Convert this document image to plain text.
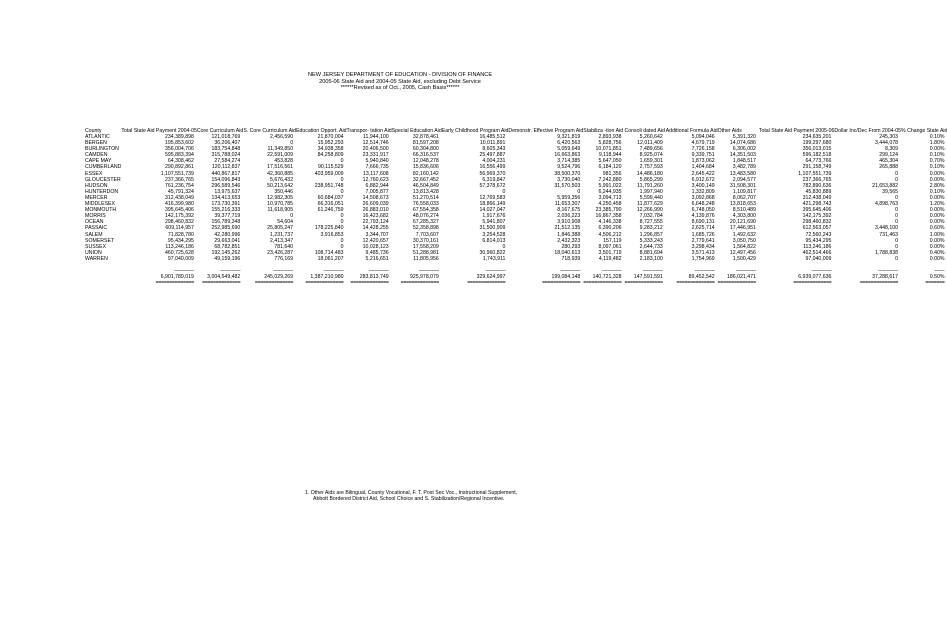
NEW JERSEY DEPARTMENT OF EDUCATION - DIVISION OF FINANCE
2005-06 State Aid and 2004-05 State Aid, excluding Debt Service
******Revised as of Oct., 2005, Cash Basis******
County	Total State Aid Payment 2004-05	Core Curriculum Aid	S. Core Curriculum Aid	Education Opport. Aid	Transpor- tation Aid	Special Education Aid	Early Childhood Program Aid	Demonstr. Effective Program Aid	Stabiliza -tion Aid	Consoli dated Aid	Additional Formula Aid	Other Aids	Total State Aid Payment 2005-06	Dollar Inc/Dec From 2004-05	% Change State Aid
ATLANTIC	234,389,898	121,018,769	2,456,590	21,870,004	11,944,100	32,878,461	16,485,512	9,321,819	2,893,938	5,260,642	5,094,046	5,391,320	234,635,201	245,303	0.10%
BERGEN	195,853,602	36,206,407	0	15,952,293	12,514,746	81,597,208	10,011,891	6,420,563	5,828,756	12,011,409	4,679,719	14,074,686	199,297,680	3,444,078	1.80%
BURLINGTON	356,004,706	183,754,848	11,349,850	34,938,358	20,406,500	60,304,800	8,605,343	5,059,649	10,071,851	7,489,656	7,726,158	6,306,002	356,013,015	8,309	0.00%
CAMDEN	595,883,394	315,788,024	22,591,009	84,258,809	23,331,917	66,316,537	25,497,887	16,663,863	9,118,944	8,925,074	9,339,751	14,351,503	596,182,518	299,124	0.10%
CAPE MAY	64,308,462	27,584,274	453,828	0	5,940,840	12,048,278	4,004,231	3,714,385	5,647,050	1,659,301	1,873,062	1,848,517	64,773,766	465,304	0.70%
CUMBERLAND	290,892,861	120,112,837	17,516,561	90,115,529	7,666,735	15,836,606	16,556,499	9,524,796	6,184,120	2,757,593	1,404,684	3,482,789	291,158,749	265,888	0.10%
ESSEX	1,107,551,739	440,867,817	42,360,885	403,959,009	13,117,608	82,160,142	56,969,370	38,500,370	981,356	14,486,180	2,645,422	13,483,580	1,107,551,739	0	0.00%
GLOUCESTER	237,366,765	154,096,843	5,676,432	0	12,760,623	32,667,452	6,319,847	3,730,040	7,242,880	5,865,299	6,912,672	2,094,577	237,366,765	0	0.00%
HUDSON	761,236,754	296,589,546	50,213,642	238,951,748	6,882,944	46,504,849	57,378,672	31,570,503	5,991,022	11,791,260	3,400,149	31,508,301	782,890,636	21,653,882	2.80%
HUNTERDON	45,791,324	13,975,637	350,446	0	7,005,877	13,813,428	0	0	6,244,935	1,997,940	1,332,809	1,109,817	45,830,889	39,565	0.10%
MERCER	312,438,049	134,413,653	12,982,305	60,684,037	14,508,673	51,270,514	12,769,583	5,959,356	3,094,713	5,599,440	3,092,868	8,062,707	312,438,049	0	0.00%
MIDDLESEX	416,399,980	173,730,391	10,970,785	66,316,051	26,609,039	76,558,033	18,866,149	11,653,307	4,250,458	11,877,629	6,648,248	13,818,653	421,298,743	4,898,763	1.20%
MONMOUTH	395,645,406	155,216,333	11,618,905	61,246,759	26,883,010	67,554,358	14,027,047	8,167,675	23,385,790	12,266,990	6,748,050	8,510,489	395,645,406	0	0.00%
MORRIS	142,175,392	39,377,719	0	0	16,423,682	48,076,274	1,917,676	2,036,223	16,867,358	7,032,784	4,139,876	4,303,800	142,175,392	0	0.00%
OCEAN	298,460,832	156,789,348	54,604	0	22,793,124	67,285,327	5,941,807	3,910,908	4,146,338	8,727,555	8,690,131	20,121,690	298,460,832	0	0.00%
PASSAIC	609,114,957	252,985,690	25,805,247	178,225,840	14,428,255	52,358,898	31,500,909	21,512,135	6,390,206	9,283,212	2,625,714	17,446,951	612,563,057	3,448,100	0.60%
SALEM	71,828,780	42,280,996	1,231,737	3,916,853	3,344,707	7,703,607	3,254,528	1,846,388	4,506,212	1,296,857	1,685,726	1,492,632	72,560,243	731,463	1.00%
SOMERSET	95,434,295	29,663,041	2,413,347	0	12,420,657	30,370,161	6,814,013	2,432,323	157,119	5,333,243	2,779,641	3,050,750	95,434,295	0	0.00%
SUSSEX	113,246,186	68,782,851	781,640	0	10,028,123	17,558,209	0	280,293	8,097,061	2,644,733	3,298,434	1,564,822	113,246,186	0	0.00%
UNION	460,725,628	192,145,262	23,426,287	108,714,483	9,485,736	51,288,981	30,960,822	18,040,613	3,501,719	8,881,694	3,571,413	12,497,456	462,514,466	1,788,838	0.40%
WARREN	97,040,009	49,159,196	776,169	18,061,207	5,216,651	11,805,956	1,743,911	718,939	4,119,482	2,183,100	1,754,969	1,500,429	97,040,009	0	0.00%

	--------------	--------------	--------------	--------------	--------------	--------------	--------------	--------------	--------------	--------------	--------------	--------------	--------------	--------------	-------
	6,901,789,019	3,004,549,482	245,029,269	1,387,210,980	283,813,749	925,978,079	329,624,997	199,084,148	140,721,328	147,591,591	89,452,542	186,021,471	6,939,077,636	37,288,617	0.50%
	==============	==============	==============	==============	==============	==============	==============	==============	==============	==============	==============	==============	==============	==============	=======
1. Other Aids are Bilingual, County Vocational, F. T. Post Sec Voc., Instructional Supplement,
Abbott Bordered District Aid, School Choice and S. Stabilization/Regional Incentive.
